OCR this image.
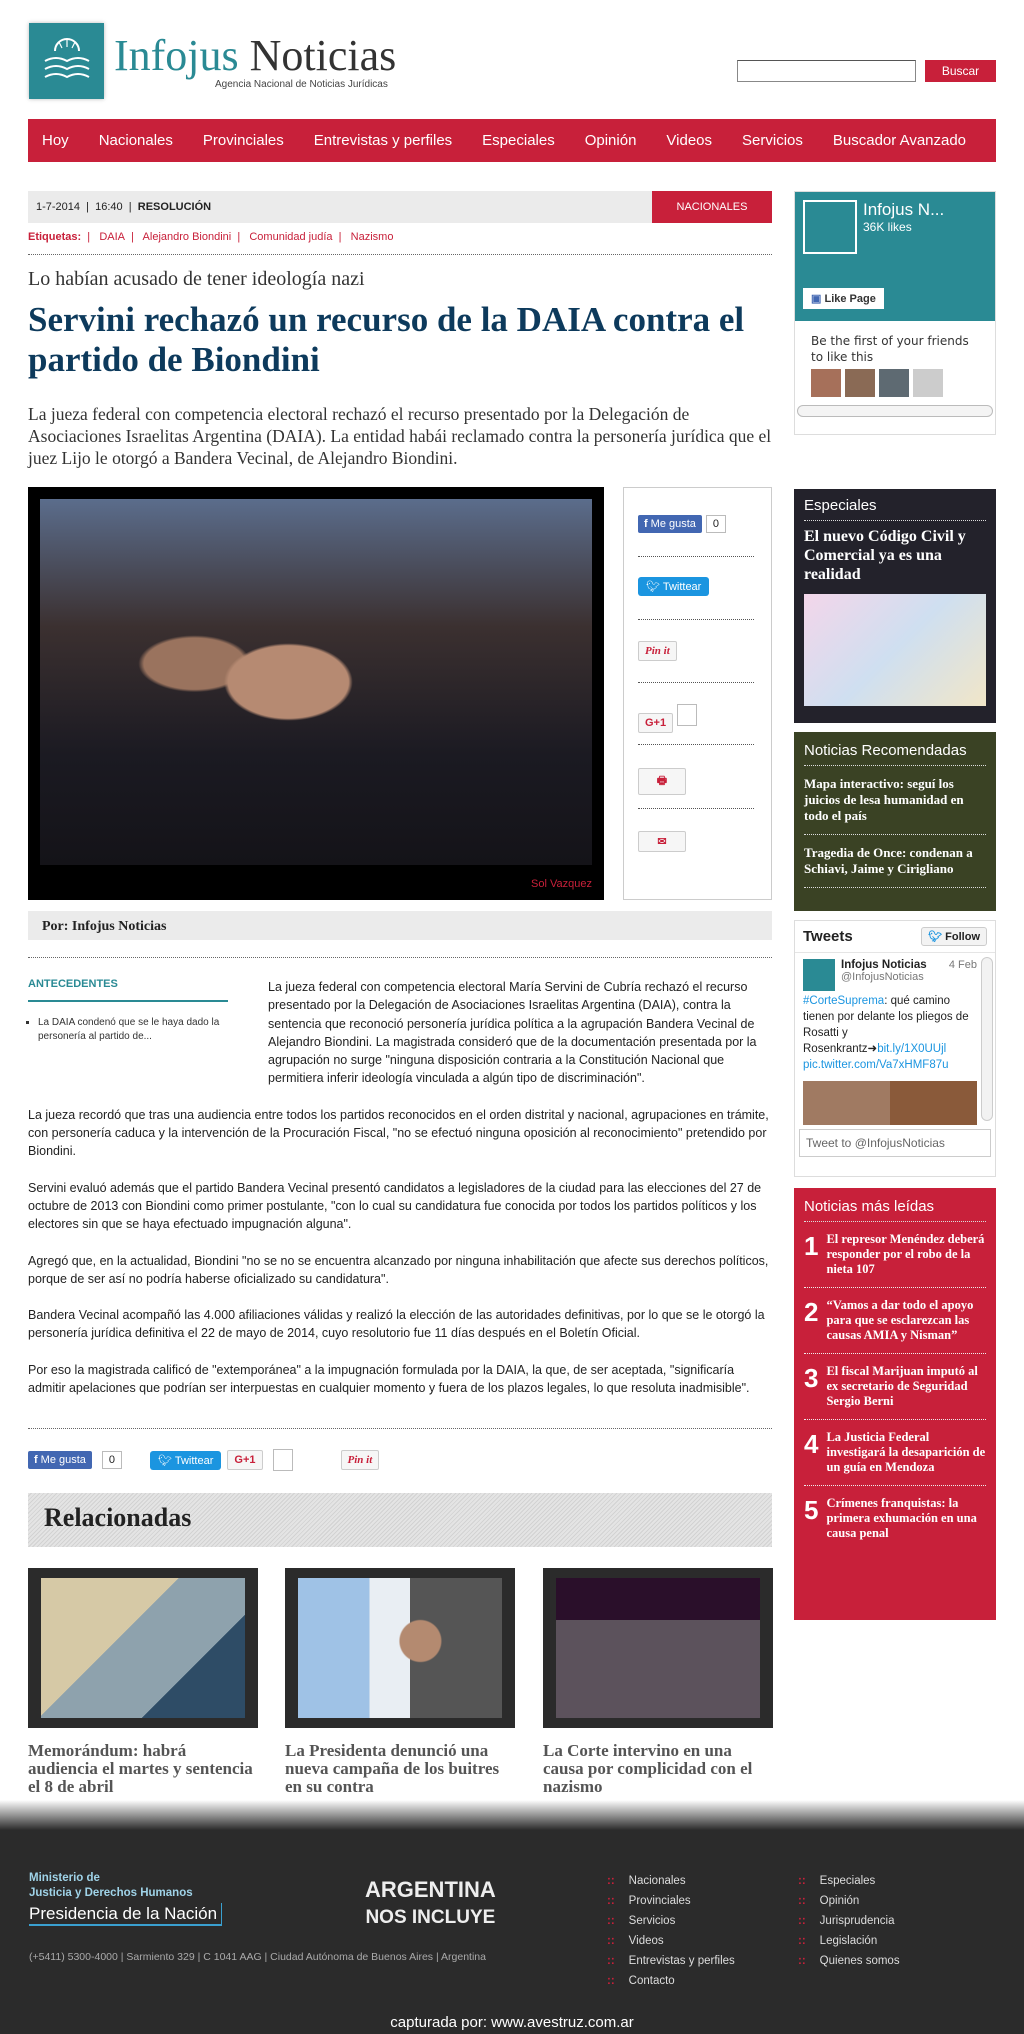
Infojus Noticias
Agencia Nacional de Noticias Jurídicas
Buscar
Hoy Nacionales Provinciales Entrevistas y perfiles Especiales Opinión Videos Servicios Buscador Avanzado
1-7-2014 | 16:40 | RESOLUCIÓN	NACIONALES
Etiquetas:  |   DAIA  |   Alejandro Biondini  |   Comunidad judía  |   Nazismo
Lo habían acusado de tener ideología nazi
Servini rechazó un recurso de la DAIA contra el partido de Biondini

La jueza federal con competencia electoral rechazó el recurso presentado por la Delegación de Asociaciones Israelitas Argentina (DAIA). La entidad habái reclamado contra la personería jurídica que el juez Lijo le otorgó a Bandera Vecinal, de Alejandro Biondini.

Sol Vazquez
f Me gusta 0
🐦︎ Twittear
Pin it
G+1
🖶︎
✉︎
Por: Infojus Noticias

La jueza federal con competencia electoral María Servini de Cubría rechazó el recurso presentado por la Delegación de Asociaciones Israelitas Argentina (DAIA), contra la sentencia que reconoció personería jurídica política a la agrupación Bandera Vecinal de Alejandro Biondini. La magistrada consideró que de la documentación presentada por la agrupación no surge "ninguna disposición contraria a la Constitución Nacional que permitiera inferir ideología vinculada a algún tipo de discriminación".

La jueza recordó que tras una audiencia entre todos los partidos reconocidos en el orden distrital y nacional, agrupaciones en trámite, con personería caduca y la intervención de la Procuración Fiscal, "no se efectuó ninguna oposición al reconocimiento" pretendido por Biondini.

Servini evaluó además que el partido Bandera Vecinal presentó candidatos a legisladores de la ciudad para las elecciones del 27 de octubre de 2013 con Biondini como primer postulante, "con lo cual su candidatura fue conocida por todos los partidos políticos y los electores sin que se haya efectuado impugnación alguna".

Agregó que, en la actualidad, Biondini "no se no se encuentra alcanzado por ninguna inhabilitación que afecte sus derechos políticos, porque de ser así no podría haberse oficializado su candidatura".

Bandera Vecinal acompañó las 4.000 afiliaciones válidas y realizó la elección de las autoridades definitivas, por lo que se le otorgó la personería jurídica definitiva el 22 de mayo de 2014, cuyo resolutorio fue 11 días después en el Boletín Oficial.

Por eso la magistrada calificó de "extemporánea" a la impugnación formulada por la DAIA, la que, de ser aceptada, "significaría admitir apelaciones que podrían ser interpuestas en cualquier momento y fuera de los plazos legales, lo que resoluta inadmisible".

ANTECEDENTES
▪ La DAIA condenó que se le haya dado la personería al partido de...
f Me gusta	0	🐦︎ Twittear	G+1	Pin it
Relacionadas
Memorándum: habrá audiencia el martes y sentencia el 8 de abril
La Presidenta denunció una nueva campaña de los buitres en su contra
La Corte intervino en una causa por complicidad con el nazismo
Infojus N...
36K likes
▣ Like Page
Be the first of your friends to like this
Especiales
El nuevo Código Civil y Comercial ya es una realidad
Noticias Recomendadas
Mapa interactivo: seguí los juicios de lesa humanidad en todo el país
Tragedia de Once: condenan a Schiavi, Jaime y Cirigliano
Tweets	🐦︎ Follow
Infojus Noticias 4 Feb
@InfojusNoticias
#CorteSuprema: qué camino tienen por delante los pliegos de Rosatti y Rosenkrantz➜bit.ly/1X0UUjl pic.twitter.com/Va7xHMF87u
Tweet to @InfojusNoticias
Noticias más leídas
1 El represor Menéndez deberá responder por el robo de la nieta 107
2 “Vamos a dar todo el apoyo para que se esclarezcan las causas AMIA y Nisman”
3 El fiscal Marijuan imputó al ex secretario de Seguridad Sergio Berni
4 La Justicia Federal investigará la desaparición de un guía en Mendoza
5 Crímenes franquistas: la primera exhumación en una causa penal
Ministerio de
Justicia y Derechos Humanos
Presidencia de la Nación
ARGENTINA
NOS INCLUYE
(+5411) 5300-4000 | Sarmiento 329 | C 1041 AAG | Ciudad Autónoma de Buenos Aires | Argentina
:: Nacionales
:: Provinciales
:: Servicios
:: Videos
:: Entrevistas y perfiles
:: Contacto
:: Especiales
:: Opinión
:: Jurisprudencia
:: Legislación
:: Quienes somos
capturada por: www.avestruz.com.ar
